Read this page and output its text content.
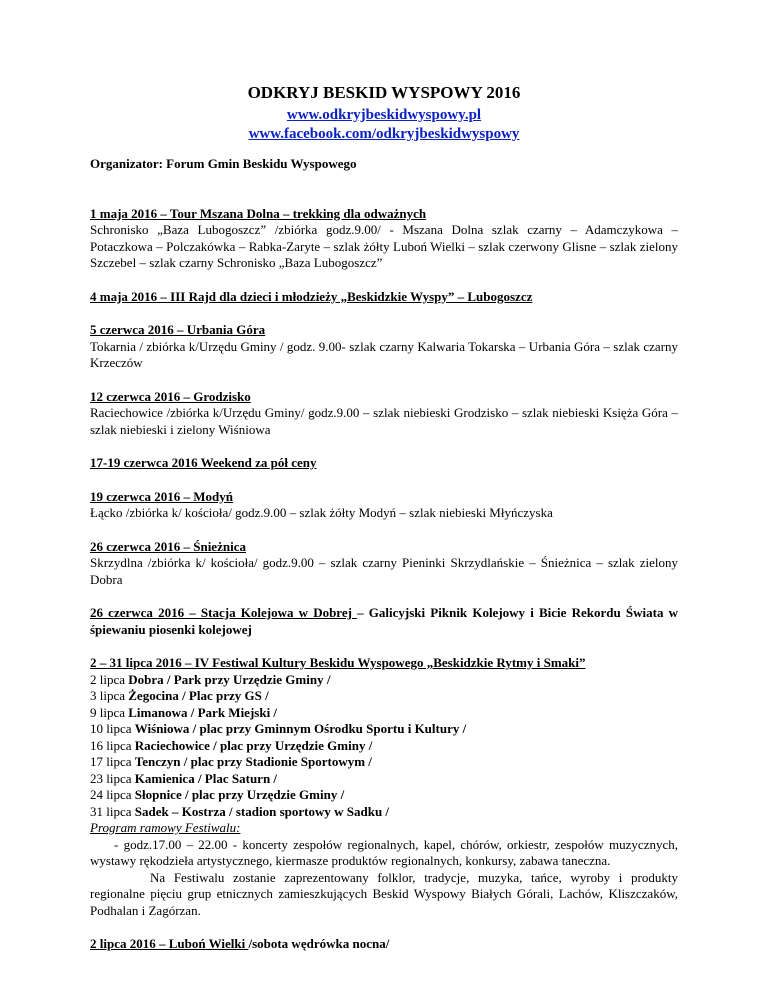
ODKRYJ BESKID WYSPOWY 2016
www.odkryjbeskidwyspowy.pl
www.facebook.com/odkryjbeskidwyspowy
Organizator: Forum Gmin Beskidu Wyspowego
1 maja 2016 – Tour Mszana Dolna – trekking dla odważnych
Schronisko „Baza Lubogoszcz” /zbiórka godz.9.00/ - Mszana Dolna szlak czarny – Adamczykowa – Potaczkowa – Polczakówka – Rabka-Zaryte – szlak żółty Luboń Wielki – szlak czerwony Glisne – szlak zielony Szczebel – szlak czarny Schronisko „Baza Lubogoszcz”
4 maja 2016 – III Rajd dla dzieci i młodzieży „Beskidzkie Wyspy” – Lubogoszcz
5 czerwca 2016 – Urbania Góra
Tokarnia / zbiórka k/Urzędu Gminy / godz. 9.00- szlak czarny Kalwaria Tokarska – Urbania Góra – szlak czarny Krzeczów
12 czerwca 2016 – Grodzisko
Raciechowice /zbiórka k/Urzędu Gminy/ godz.9.00 – szlak niebieski Grodzisko – szlak niebieski Księża Góra – szlak niebieski i zielony Wiśniowa
17-19 czerwca 2016 Weekend za pół ceny
19 czerwca 2016 – Modyń
Łącko /zbiórka k/ kościoła/ godz.9.00 – szlak żółty Modyń – szlak niebieski Młyńczyska
26 czerwca 2016 – Śnieżnica
Skrzydlna /zbiórka k/ kościoła/ godz.9.00 – szlak czarny Pieninki Skrzydlańskie – Śnieżnica – szlak zielony Dobra
26 czerwca 2016 – Stacja Kolejowa w Dobrej – Galicyjski Piknik Kolejowy i Bicie Rekordu Świata w śpiewaniu piosenki kolejowej
2 – 31 lipca 2016 – IV Festiwal Kultury Beskidu Wyspowego „Beskidzkie Rytmy i Smaki”
2 lipca Dobra / Park przy Urzędzie Gminy /
3 lipca Żegocina / Plac przy GS /
9 lipca Limanowa / Park Miejski /
10 lipca Wiśniowa / plac przy Gminnym Ośrodku Sportu i Kultury /
16 lipca Raciechowice / plac przy Urzędzie Gminy /
17 lipca Tenczyn / plac przy Stadionie Sportowym /
23 lipca Kamienica / Plac Saturn /
24 lipca Słopnice / plac przy Urzędzie Gminy /
31 lipca Sadek – Kostrza / stadion sportowy w Sadku /
Program ramowy Festiwalu:
- godz.17.00 – 22.00 - koncerty zespołów regionalnych, kapel, chórów, orkiestr, zespołów muzycznych, wystawy rękodzieła artystycznego, kiermasze produktów regionalnych, konkursy, zabawa taneczna.
Na Festiwalu zostanie zaprezentowany folklor, tradycje, muzyka, tańce, wyroby i produkty regionalne pięciu grup etnicznych zamieszkujących Beskid Wyspowy Białych Górali, Lachów, Kliszczaków, Podhalan i Zagórzan.
2 lipca 2016 – Luboń Wielki /sobota wędrówka nocna/
